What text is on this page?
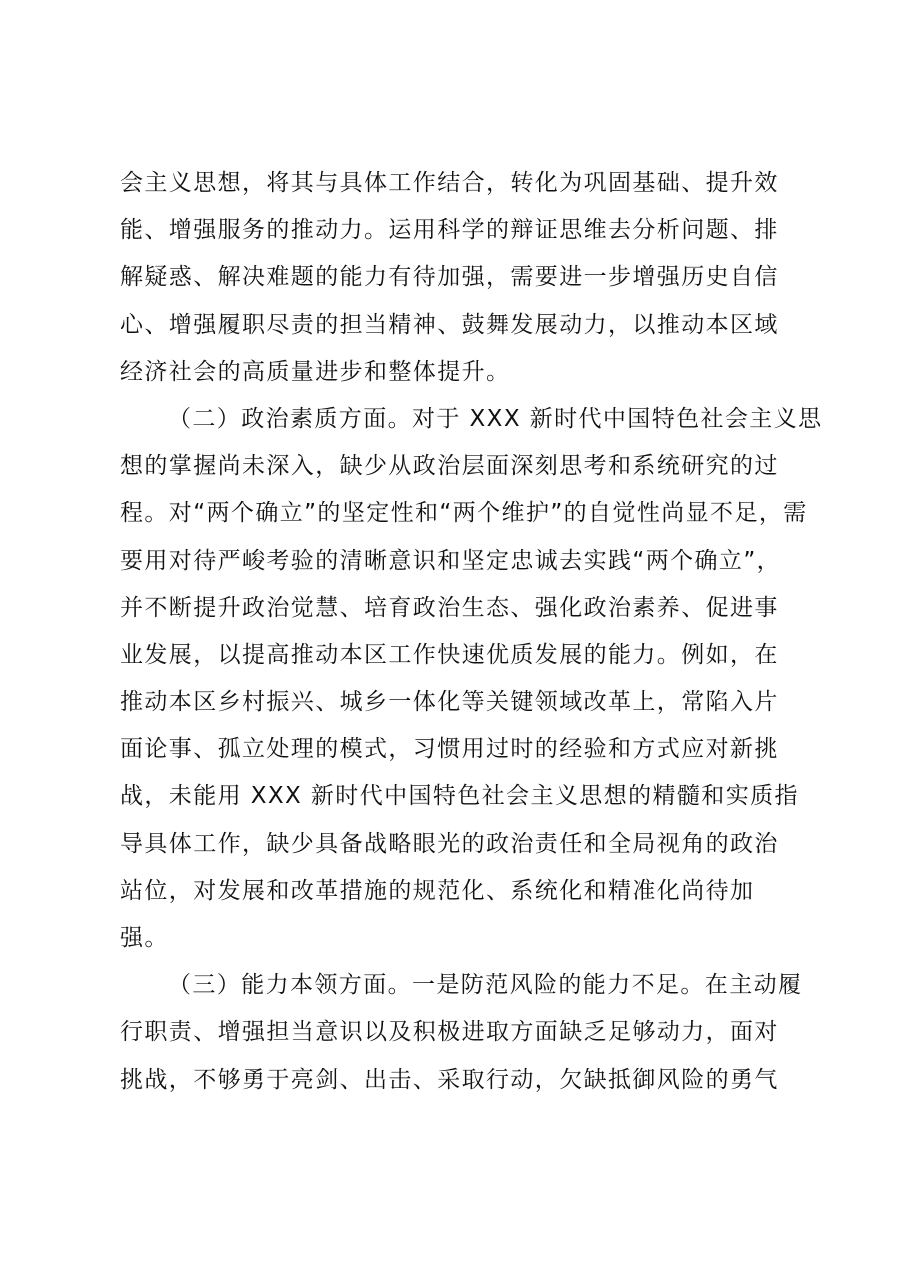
会主义思想，将其与具体工作结合，转化为巩固基础、提升效
能、增强服务的推动力。运用科学的辩证思维去分析问题、排
解疑惑、解决难题的能力有待加强，需要进一步增强历史自信
心、增强履职尽责的担当精神、鼓舞发展动力，以推动本区域
经济社会的高质量进步和整体提升。

（二）政治素质方面。对于 XXX 新时代中国特色社会主义思
想的掌握尚未深入，缺少从政治层面深刻思考和系统研究的过
程。对“两个确立”的坚定性和“两个维护”的自觉性尚显不足，需
要用对待严峻考验的清晰意识和坚定忠诚去实践“两个确立”，
并不断提升政治觉慧、培育政治生态、强化政治素养、促进事
业发展，以提高推动本区工作快速优质发展的能力。例如，在
推动本区乡村振兴、城乡一体化等关键领域改革上，常陷入片
面论事、孤立处理的模式，习惯用过时的经验和方式应对新挑
战，未能用 XXX 新时代中国特色社会主义思想的精髓和实质指
导具体工作，缺少具备战略眼光的政治责任和全局视角的政治
站位，对发展和改革措施的规范化、系统化和精准化尚待加
强。

（三）能力本领方面。一是防范风险的能力不足。在主动履
行职责、增强担当意识以及积极进取方面缺乏足够动力，面对
挑战，不够勇于亮剑、出击、采取行动，欠缺抵御风险的勇气
